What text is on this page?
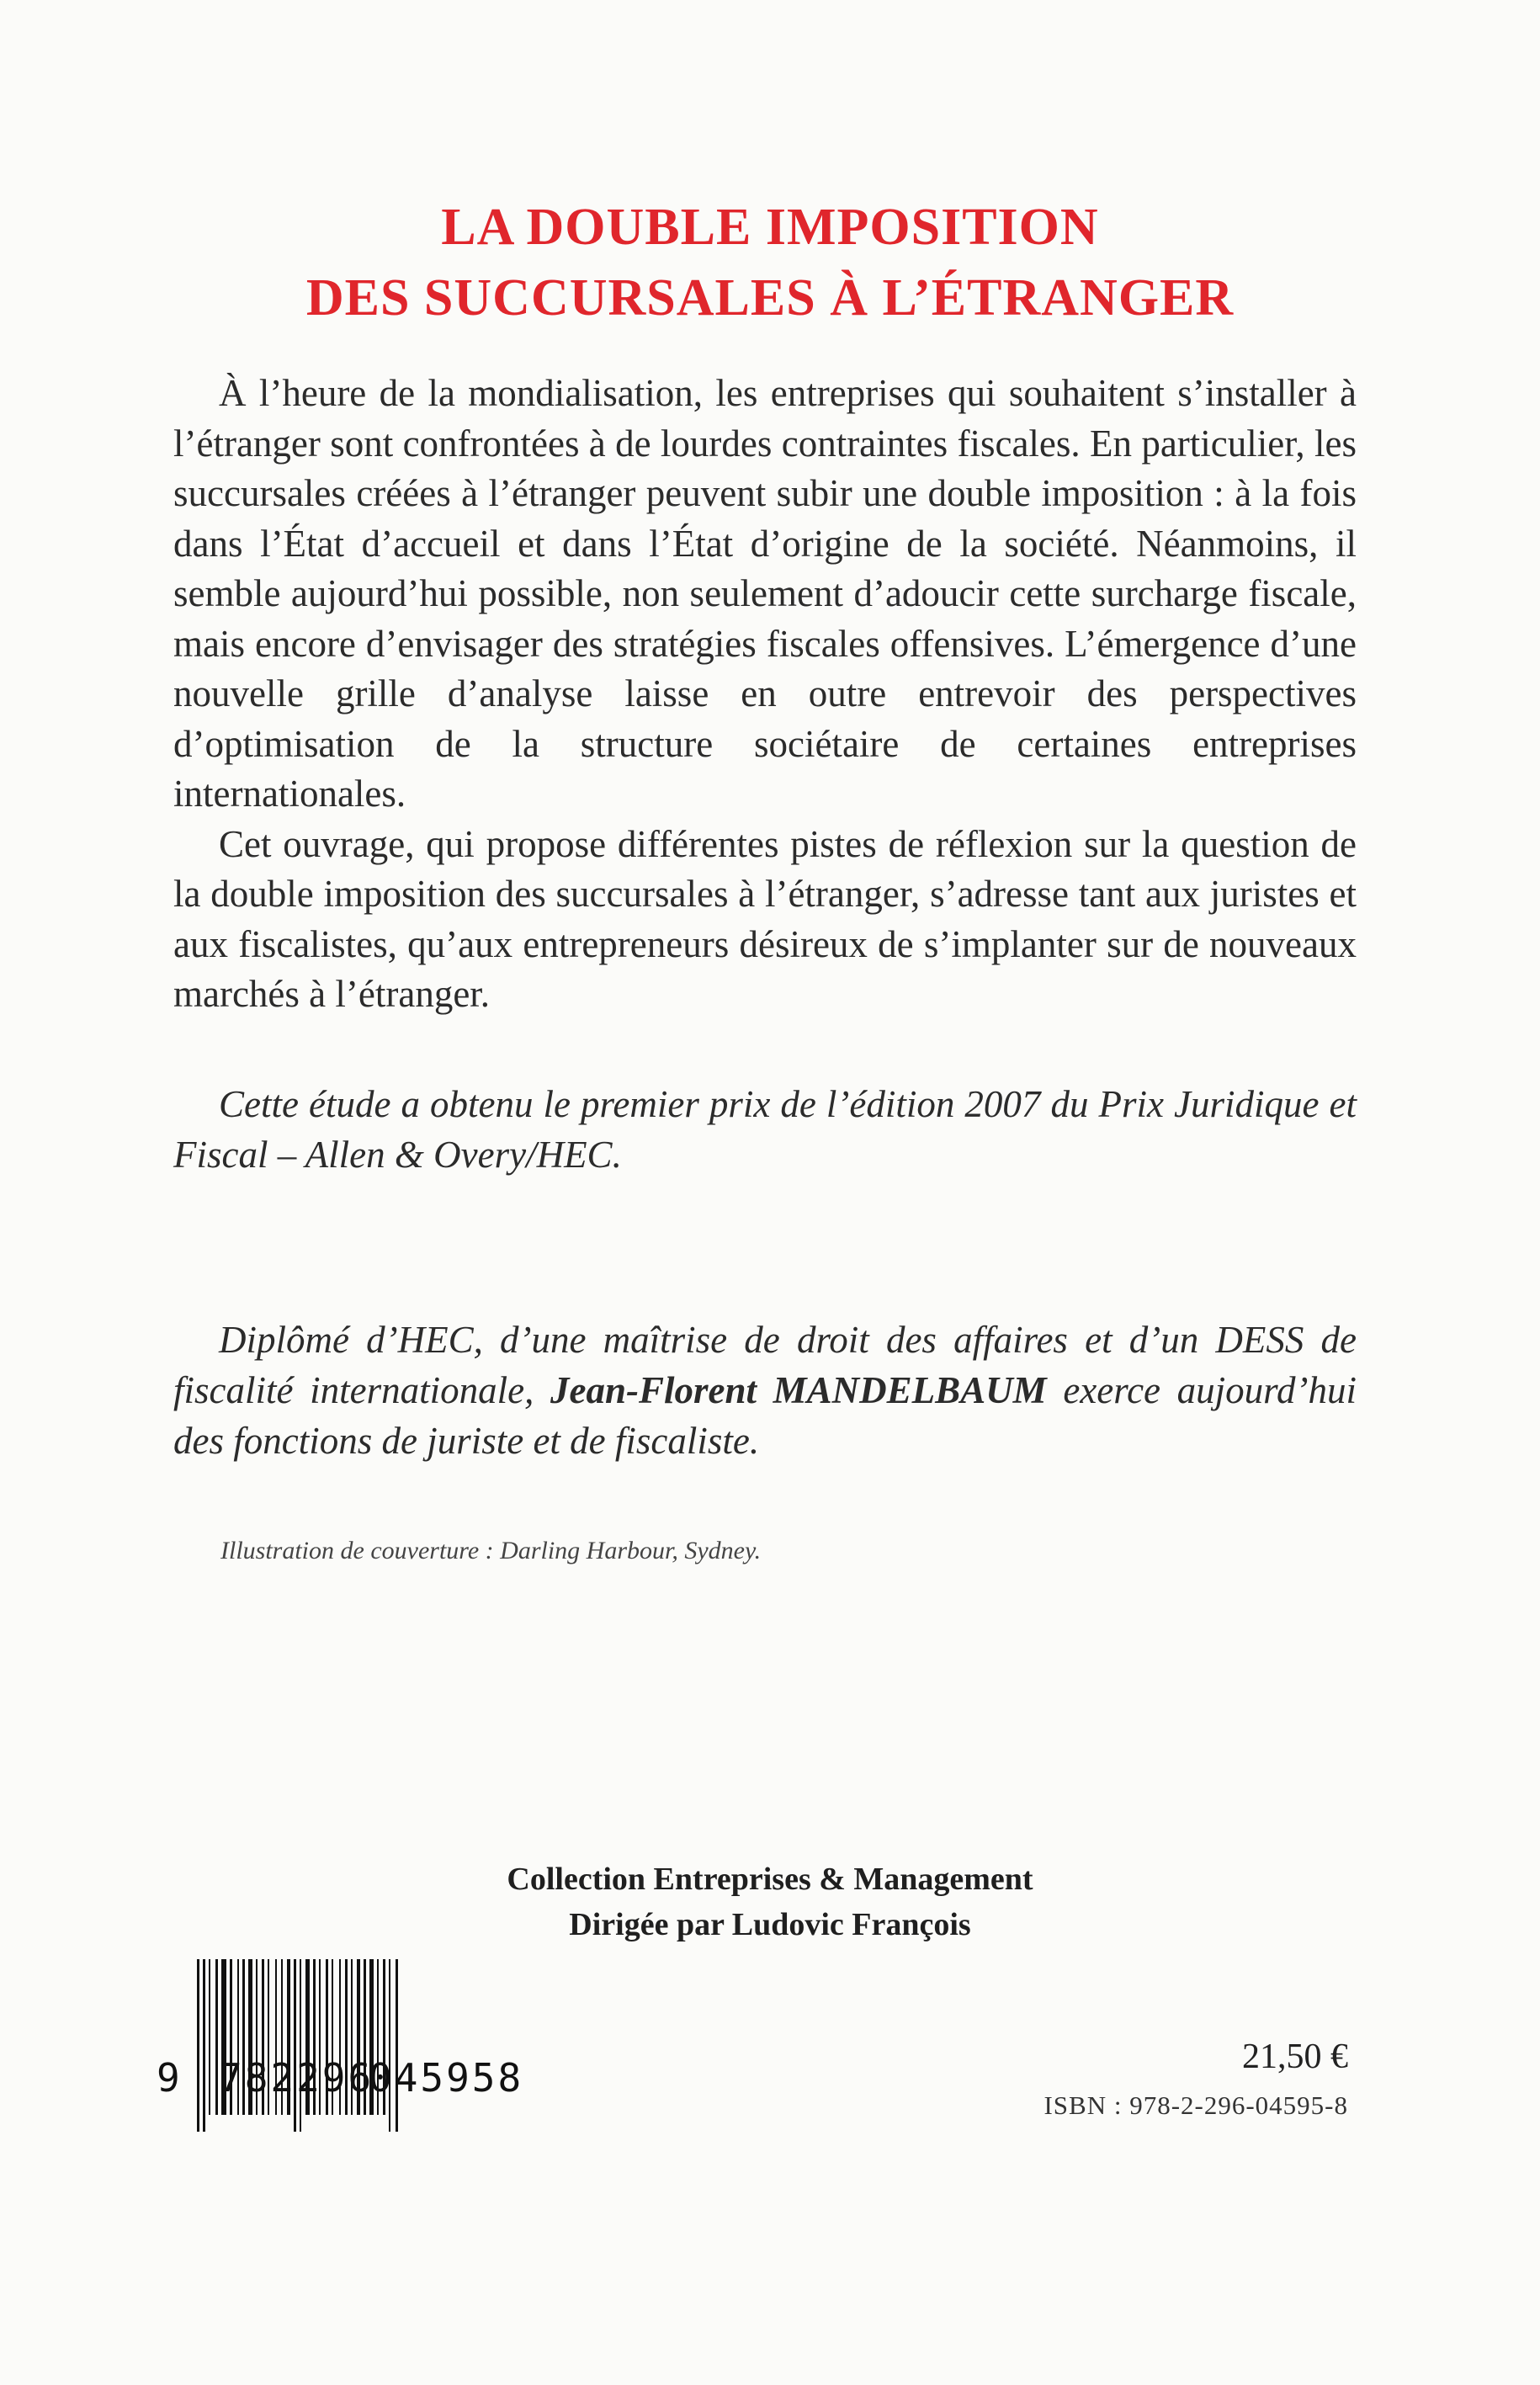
LA DOUBLE IMPOSITION
DES SUCCURSALES À L’ÉTRANGER

À l’heure de la mondialisation, les entreprises qui souhaitent s’installer à l’étranger sont confrontées à de lourdes contraintes fiscales. En particulier, les succursales créées à l’étranger peuvent subir une double imposition : à la fois dans l’État d’accueil et dans l’État d’origine de la société. Néanmoins, il semble aujourd’hui possible, non seulement d’adoucir cette surcharge fiscale, mais encore d’envisager des stratégies fiscales offensives. L’émergence d’une nouvelle grille d’analyse laisse en outre entrevoir des perspectives d’optimisation de la structure sociétaire de certaines entreprises internationales.

Cet ouvrage, qui propose différentes pistes de réflexion sur la question de la double imposition des succursales à l’étranger, s’adresse tant aux juristes et aux fiscalistes, qu’aux entrepreneurs désireux de s’implanter sur de nouveaux marchés à l’étranger.

Cette étude a obtenu le premier prix de l’édition 2007 du Prix Juridique et Fiscal – Allen & Overy/HEC.
Diplômé d’HEC, d’une maîtrise de droit des affaires et d’un DESS de fiscalité internationale, Jean-Florent MANDELBAUM exerce aujourd’hui des fonctions de juriste et de fiscaliste.
Illustration de couverture : Darling Harbour, Sydney.
Collection Entreprises & Management
Dirigée par Ludovic François
9 782296
045958	21,50 €
ISBN : 978-2-296-04595-8
